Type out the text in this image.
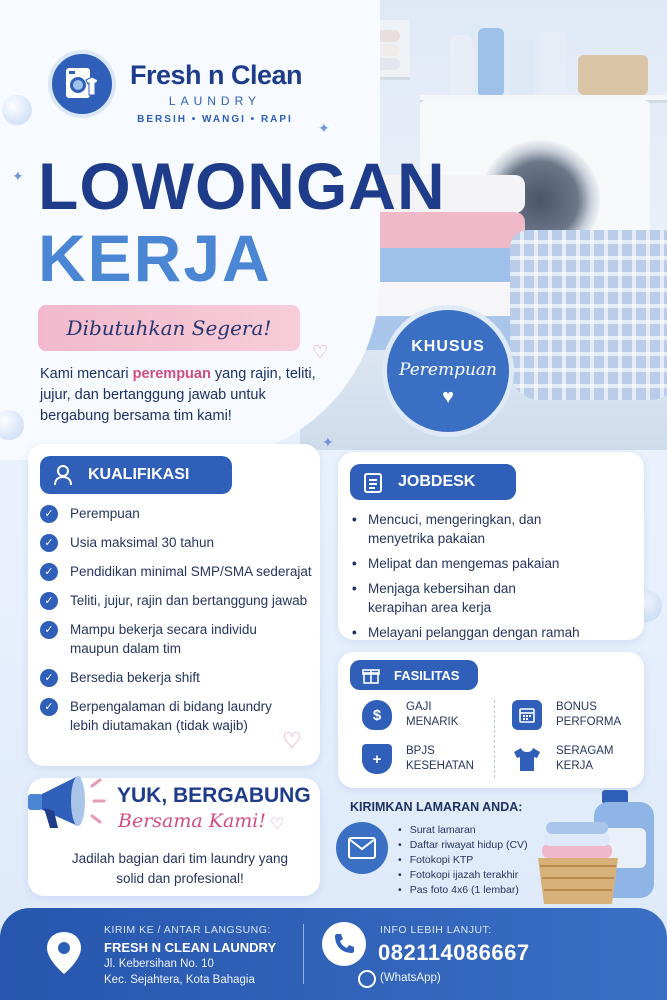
✦
✦
✦
♡
Fresh n Clean
LAUNDRY
BERSIH • WANGI • RAPI
LOWONGAN
KERJA
Dibutuhkan Segera!
Kami mencari perempuan yang rajin, teliti, jujur, dan bertanggung jawab untuk bergabung bersama tim kami!
KHUSUS
Perempuan
♥
KUALIFIKASI
✓	Perempuan
✓	Usia maksimal 30 tahun
✓	Pendidikan minimal SMP/SMA sederajat
✓	Teliti, jujur, rajin dan bertanggung jawab
✓	Mampu bekerja secara individu maupun dalam tim
✓	Bersedia bekerja shift
✓	Berpengalaman di bidang laundry lebih diutamakan (tidak wajib)
♡
JOBDESK
• Mencuci, mengeringkan, dan menyetrika pakaian
• Melipat dan mengemas pakaian
• Menjaga kebersihan dan kerapihan area kerja
• Melayani pelanggan dengan ramah
FASILITAS
$	GAJI
MENARIK
BONUS
PERFORMA
+	BPJS
KESEHATAN
SERAGAM
KERJA
YUK, BERGABUNG
Bersama Kami! ♡
Jadilah bagian dari tim laundry yang solid dan profesional!
KIRIMKAN LAMARAN ANDA:
• Surat lamaran
• Daftar riwayat hidup (CV)
• Fotokopi KTP
• Fotokopi ijazah terakhir
• Pas foto 4x6 (1 lembar)
KIRIM KE / ANTAR LANGSUNG:
FRESH N CLEAN LAUNDRY
Jl. Kebersihan No. 10
Kec. Sejahtera, Kota Bahagia
INFO LEBIH LANJUT:
082114086667
(WhatsApp)
